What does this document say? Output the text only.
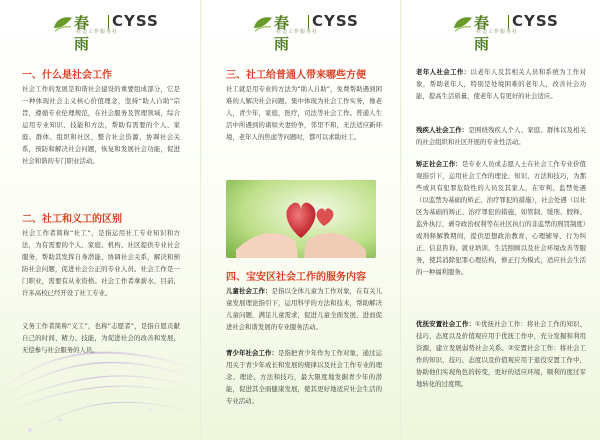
春雨
CYSS
社会工作服务社
一、什么是社会工作
社会工作的发展是和谐社会建设的重要组成部分，它是一种体现社会主义核心价值理念，坚持“助人自助”宗旨，遵循专业伦理规范，在社会服务及管理领域，综合运用专业知识、技能和方法，帮助有需要的个人、家庭、群体、组织和社区，整合社会资源，协调社会关系，预防和解决社会问题，恢复和发展社会功能，促进社会和谐的专门职业活动。
二、社工和义工的区别
社会工作者简称“社工”，是指运用社工专业知识和方法，为有需要的个人、家庭、机构、社区提供专业社会服务，帮助其发挥自身潜能、协调社会关系，解决和预防社会问题，促进社会公正的专业人员。社会工作是一门职业，需要有从业资格。社会工作者拿薪水，目前，许多高校已经开设了社工专业。
义务工作者简称“义工”，也称“志愿者”，是指自愿贡献自己的时间、精力、技能，为促进社会的改善和发展，无偿参与社会服务的人员。
春雨
CYSS
社会工作服务社
三、社工给普通人带来哪些方便
社工就是用专业的方法为“助人自助”，免费帮助遇到困难的人解决社会问题。集中体现为社会工作实务，像老人，青少年，家庭，医疗，司法等社会工作。普通人生活中所遇到的诸如夫妻纷争，邻里不和，无法适应新环境，老年人的焦虑等问题时，都可以求助社工。
四、宝安区社会工作的服务内容
儿童社会工作：是指以全体儿童为工作对象，在有关儿童发展理论指引下，运用科学的方法和技术，帮助解决儿童问题，满足儿童需求，促进儿童全面发展，进而促进社会和谐发展的专业服务活动。
青少年社会工作：是指把青少年作为工作对象，通过运用关于青少年成长和发展的规律以及社会工作专业的理念、理论、方法和技巧，最大限度地发掘青少年的潜能，促进其全面健康发展，使其更好地适应社会生活的专业活动。
春雨
CYSS
社会工作服务社
老年人社会工作：以老年人及其相关人员和系统为工作对象，帮助老年人，特别是处境困难的老年人，改善社会功能，提高生活质量，使老年人有更好的社会适应。
残疾人社会工作：是围绕残疾人个人、家庭、群体以及相关的社会组织和社区开展的专业性活动。
矫正社会工作：是专业人员或志愿人士在社会工作专业价值观指引下，运用社会工作的理论、知识、方法和技巧，为那些或具有犯罪危险性的人员及其家人，在审判、监禁处遇（以监禁为基础的矫正、治疗罪犯的措施），社会处遇（以社区为基础的矫正、治疗罪犯的措施，如管制、缓刑、假释、监外执行、剥夺政治权利等在社区执行的非监禁的刑罚制度）或刑释解教期间，提供思想政治教育、心理辅导、行为纠正、信息咨询、就业培训、生活照顾以及社会环境改善等服务，使其消除犯罪心理结构，修正行为模式，适应社会生活的一种福利服务。
优抚安置社会工作：①优抚社会工作：将社会工作的知识、技巧、态度以及价值观应用于优抚工作中，充分发掘和利用资源，建立发展弱势社会关系。②安置社会工作：将社会工作的知识、技巧、态度以及价值观应用于退役安置工作中，协助他们实现角色的转变，更好的适应环境，顺利的度过军地转化的过度期。
